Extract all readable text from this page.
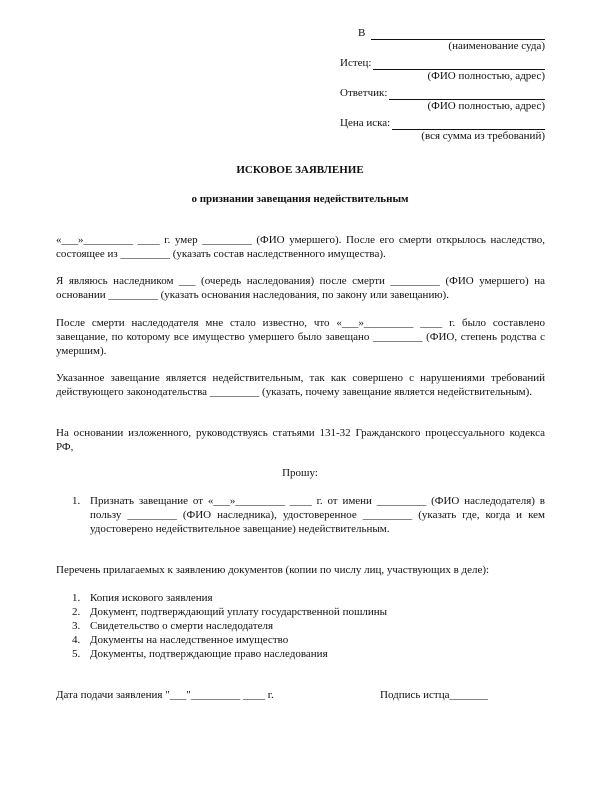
В
(наименование суда)
Истец:
(ФИО полностью, адрес)
Ответчик:
(ФИО полностью, адрес)
Цена иска:
(вся сумма из требований)
ИСКОВОЕ ЗАЯВЛЕНИЕ
о признании завещания недействительным
«___»_________ ____ г. умер _________ (ФИО умершего). После его смерти открылось наследство, состоящее из _________ (указать состав наследственного имущества).
Я являюсь наследником ___ (очередь наследования) после смерти _________ (ФИО умершего) на основании _________ (указать основания наследования, по закону или завещанию).
После смерти наследодателя мне стало известно, что «___»_________ ____ г. было составлено завещание, по которому все имущество умершего было завещано _________ (ФИО, степень родства с умершим).
Указанное завещание является недействительным, так как совершено с нарушениями требований действующего законодательства _________ (указать, почему завещание является недействительным).
На основании изложенного, руководствуясь статьями 131-32 Гражданского процессуального кодекса РФ,
Прошу:
1. Признать завещание от «___»_________ ____ г. от имени _________ (ФИО наследодателя) в пользу _________ (ФИО наследника), удостоверенное _________ (указать где, когда и кем удостоверено недействительное завещание) недействительным.
Перечень прилагаемых к заявлению документов (копии по числу лиц, участвующих в деле):
1. Копия искового заявления
2. Документ, подтверждающий уплату государственной пошлины
3. Свидетельство о смерти наследодателя
4. Документы на наследственное имущество
5. Документы, подтверждающие право наследования
Дата подачи заявления "___"_________ ____ г.	Подпись истца_______
